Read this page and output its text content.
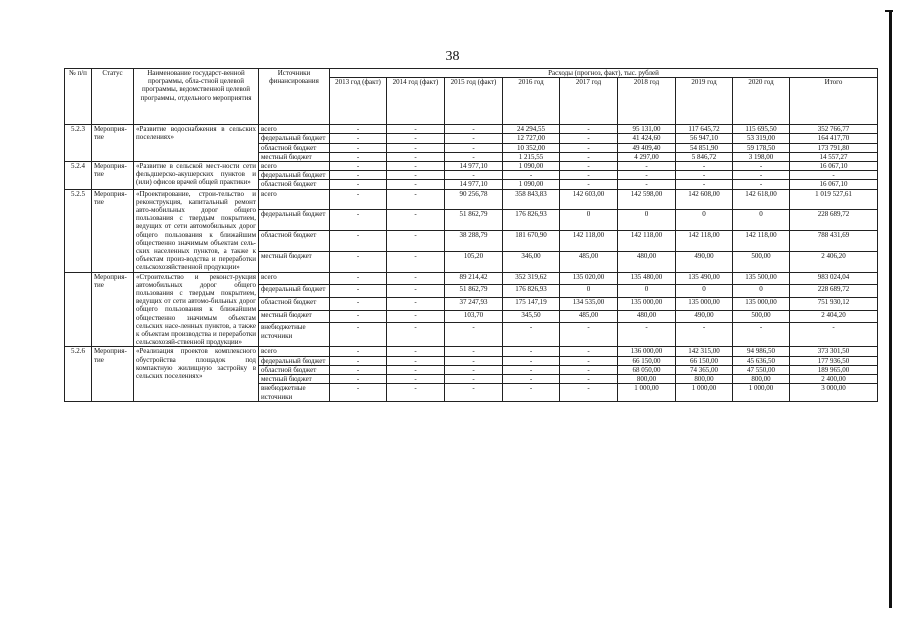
38
№ п/п	Статус	Наименование государст-венной программы, обла-стной целевой программы, ведомственной целевой программы, отдельного мероприятия	Источники финансирования	Расходы (прогноз, факт), тыс. рублей								
				2013 год (факт)	2014 год (факт)	2015 год (факт)	2016 год	2017 год	2018 год	2019 год	2020 год	Итого
5.2.3	Мероприя-тие	«Развитие водоснабжения в сельских поселениях»	всего	-	-	-	24 294,55	-	95 131,00	117 645,72	115 695,50	352 766,77
			федеральный бюджет	-	-	-	12 727,00	-	41 424,60	56 947,10	53 319,00	164 417,70
			областной бюджет	-	-	-	10 352,00	-	49 409,40	54 851,90	59 178,50	173 791,80
			местный бюджет	-	-	-	1 215,55	-	4 297,00	5 846,72	3 198,00	14 557,27
5.2.4	Мероприя-тие	«Развитие в сельской мест-ности сети фельдшерско-акушерских пунктов и (или) офисов врачей общей практики»	всего	-	-	14 977,10	1 090,00	-	-	-	-	16 067,10
			федеральный бюджет	-	-	-	-	-	-	-	-	-
			областной бюджет	-	-	14 977,10	1 090,00	-	-	-	-	16 067,10
5.2.5	Мероприя-тие	«Проектирование, строи-тельство и реконструкция, капитальный ремонт авто-мобильных дорог общего пользования с твердым покрытием, ведущих от сети автомобильных дорог общего пользования к ближайшим общественно значимым объектам сель-ских населенных пунктов, а также к объектам произ-водства и переработки сельскохозяйственной продукции»	всего	-	-	90 256,78	358 843,83	142 603,00	142 598,00	142 608,00	142 618,00	1 019 527,61
			федеральный бюджет	-	-	51 862,79	176 826,93	0	0	0	0	228 689,72
			областной бюджет	-	-	38 288,79	181 670,90	142 118,00	142 118,00	142 118,00	142 118,00	788 431,69
			местный бюджет	-	-	105,20	346,00	485,00	480,00	490,00	500,00	2 406,20
	Мероприя-тие	«Строительство и реконст-рукция автомобильных дорог общего пользования с твердым покрытием, ведущих от сети автомо-бильных дорог общего пользования к ближайшим общественно значимым объектам сельских насе-ленных пунктов, а также к объектам производства и переработки сельскохозяй-ственной продукции»	всего	-	-	89 214,42	352 319,62	135 020,00	135 480,00	135 490,00	135 500,00	983 024,04
			федеральный бюджет	-	-	51 862,79	176 826,93	0	0	0	0	228 689,72
			областной бюджет	-	-	37 247,93	175 147,19	134 535,00	135 000,00	135 000,00	135 000,00	751 930,12
			местный бюджет	-	-	103,70	345,50	485,00	480,00	490,00	500,00	2 404,20
			внебюджетные источники	-	-	-	-	-	-	-	-	-
5.2.6	Мероприя-тие	«Реализация проектов комплексного обустройства площадок под компактную жилищную застройку в сельских поселениях»	всего	-	-	-	-	-	136 000,00	142 315,00	94 986,50	373 301,50
			федеральный бюджет	-	-	-	-	-	66 150,00	66 150,00	45 636,50	177 936,50
			областной бюджет	-	-	-	-	-	68 050,00	74 365,00	47 550,00	189 965,00
			местный бюджет	-	-	-	-	-	800,00	800,00	800,00	2 400,00
			внебюджетные источники	-	-	-	-	-	1 000,00	1 000,00	1 000,00	3 000,00
